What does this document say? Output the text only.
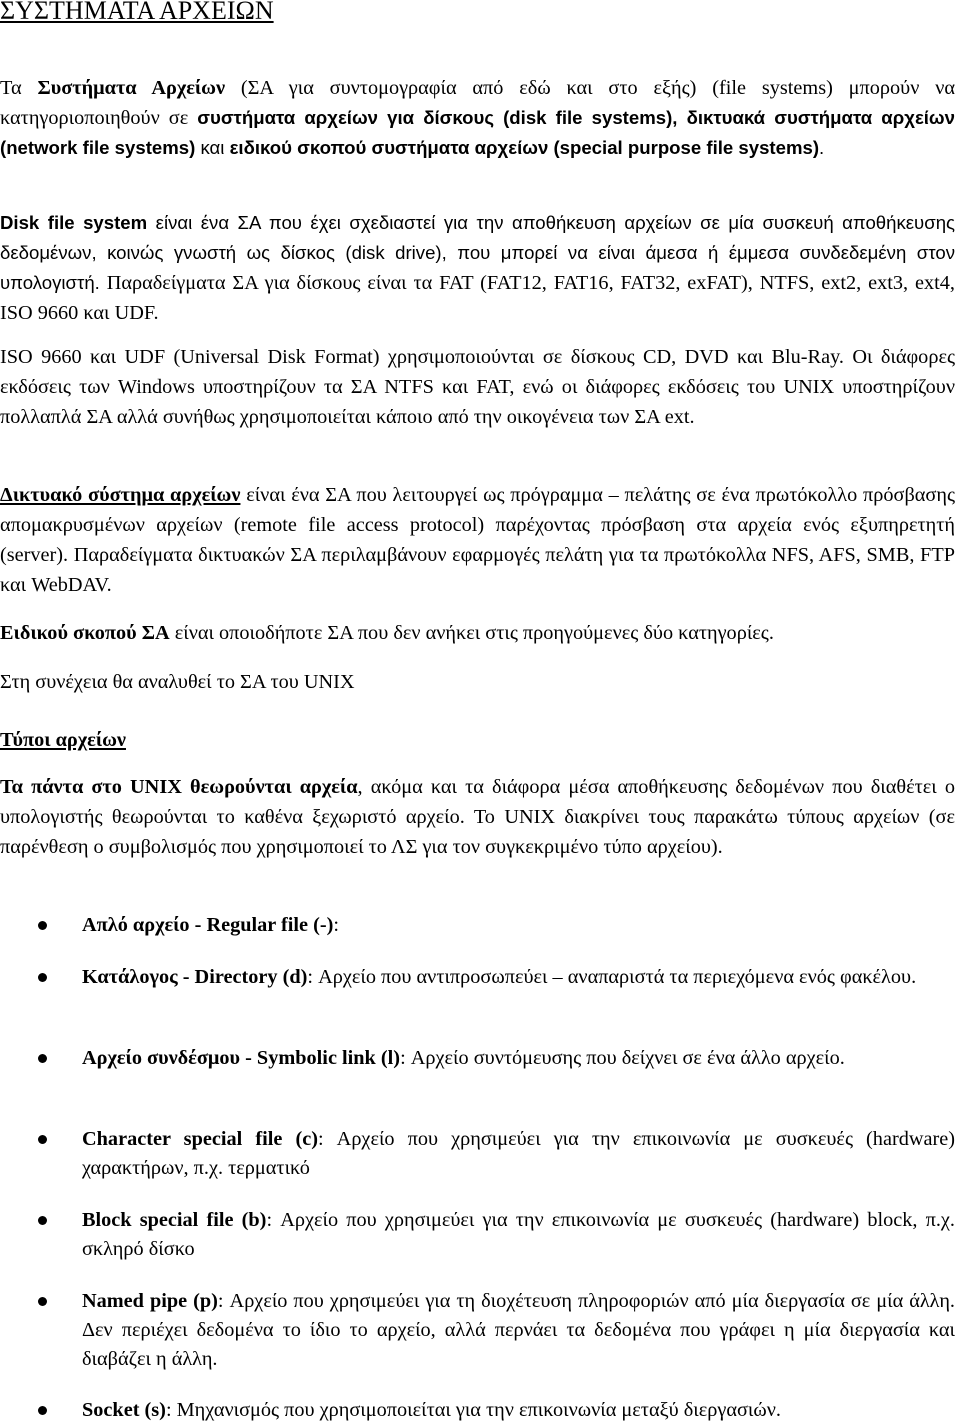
ΣΥΣΤΗΜΑΤΑ ΑΡΧΕΙΩΝ

Τα Συστήματα Αρχείων (ΣΑ για συντομογραφία από εδώ και στο εξής) (file systems) μπορούν να κατηγοριοποιηθούν σε συστήματα αρχείων για δίσκους (disk file systems), δικτυακά συστήματα αρχείων (network file systems) και ειδικού σκοπού συστήματα αρχείων (special purpose file systems).

Disk file system είναι ένα ΣΑ που έχει σχεδιαστεί για την αποθήκευση αρχείων σε μία συσκευή αποθήκευσης δεδομένων, κοινώς γνωστή ως δίσκος (disk drive), που μπορεί να είναι άμεσα ή έμμεσα συνδεδεμένη στον υπολογιστή. Παραδείγματα ΣΑ για δίσκους είναι τα FAT (FAT12, FAT16, FAT32, exFAT), NTFS, ext2, ext3, ext4, ISO 9660 και UDF.

ISO 9660 και UDF (Universal Disk Format) χρησιμοποιούνται σε δίσκους CD, DVD και Blu-Ray. Οι διάφορες εκδόσεις των Windows υποστηρίζουν τα ΣΑ NTFS και FAT, ενώ οι διάφορες εκδόσεις του UNIX υποστηρίζουν πολλαπλά ΣΑ αλλά συνήθως χρησιμοποιείται κάποιο από την οικογένεια των ΣΑ ext.

Δικτυακό σύστημα αρχείων είναι ένα ΣΑ που λειτουργεί ως πρόγραμμα – πελάτης σε ένα πρωτόκολλο πρόσβασης απομακρυσμένων αρχείων (remote file access protocol) παρέχοντας πρόσβαση στα αρχεία ενός εξυπηρετητή (server). Παραδείγματα δικτυακών ΣΑ περιλαμβάνουν εφαρμογές πελάτη για τα πρωτόκολλα NFS, AFS, SMB, FTP και WebDAV.

Ειδικού σκοπού ΣΑ είναι οποιοδήποτε ΣΑ που δεν ανήκει στις προηγούμενες δύο κατηγορίες.

Στη συνέχεια θα αναλυθεί το ΣΑ του UNIX

Τύποι αρχείων

Τα πάντα στο UNIX θεωρούνται αρχεία, ακόμα και τα διάφορα μέσα αποθήκευσης δεδομένων που διαθέτει ο υπολογιστής θεωρούνται το καθένα ξεχωριστό αρχείο. Το UNIX διακρίνει τους παρακάτω τύπους αρχείων (σε παρένθεση ο συμβολισμός που χρησιμοποιεί το ΛΣ για τον συγκεκριμένο τύπο αρχείου).

Απλό αρχείο - Regular file (-):

Κατάλογος - Directory (d): Αρχείο που αντιπροσωπεύει – αναπαριστά τα περιεχόμενα ενός φακέλου.

Αρχείο συνδέσμου - Symbolic link (l): Αρχείο συντόμευσης που δείχνει σε ένα άλλο αρχείο.

Character special file (c): Αρχείο που χρησιμεύει για την επικοινωνία με συσκευές (hardware) χαρακτήρων, π.χ. τερματικό

Block special file (b): Αρχείο που χρησιμεύει για την επικοινωνία με συσκευές (hardware) block, π.χ. σκληρό δίσκο

Named pipe (p): Αρχείο που χρησιμεύει για τη διοχέτευση πληροφοριών από μία διεργασία σε μία άλλη. Δεν περιέχει δεδομένα το ίδιο το αρχείο, αλλά περνάει τα δεδομένα που γράφει η μία διεργασία και διαβάζει η άλλη.

Socket (s): Μηχανισμός που χρησιμοποιείται για την επικοινωνία μεταξύ διεργασιών.
